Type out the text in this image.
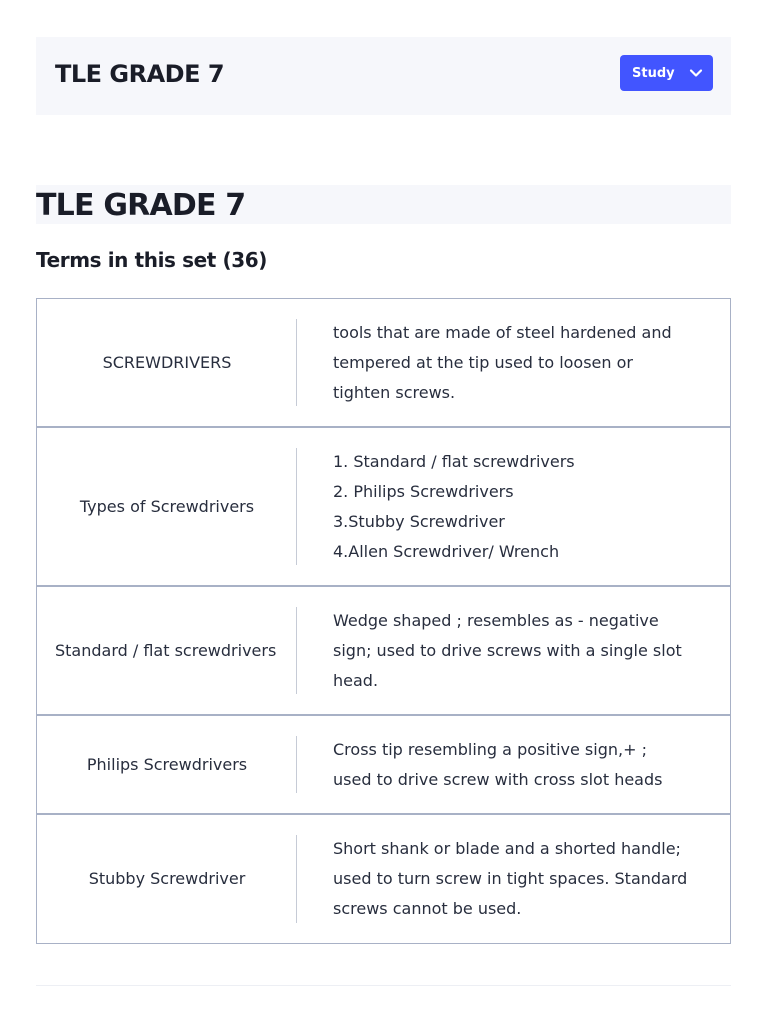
TLE GRADE 7	Study
TLE GRADE 7
Terms in this set (36)
SCREWDRIVERS
tools that are made of steel hardened and tempered at the tip used to loosen or tighten screws.
Types of Screwdrivers
1. Standard / flat screwdrivers
2. Philips Screwdrivers
3.Stubby Screwdriver
4.Allen Screwdriver/ Wrench
Standard / flat screwdrivers
Wedge shaped ; resembles as - negative sign; used to drive screws with a single slot head.
Philips Screwdrivers
Cross tip resembling a positive sign,+ ; used to drive screw with cross slot heads
Stubby Screwdriver
Short shank or blade and a shorted handle; used to turn screw in tight spaces. Standard screws cannot be used.
